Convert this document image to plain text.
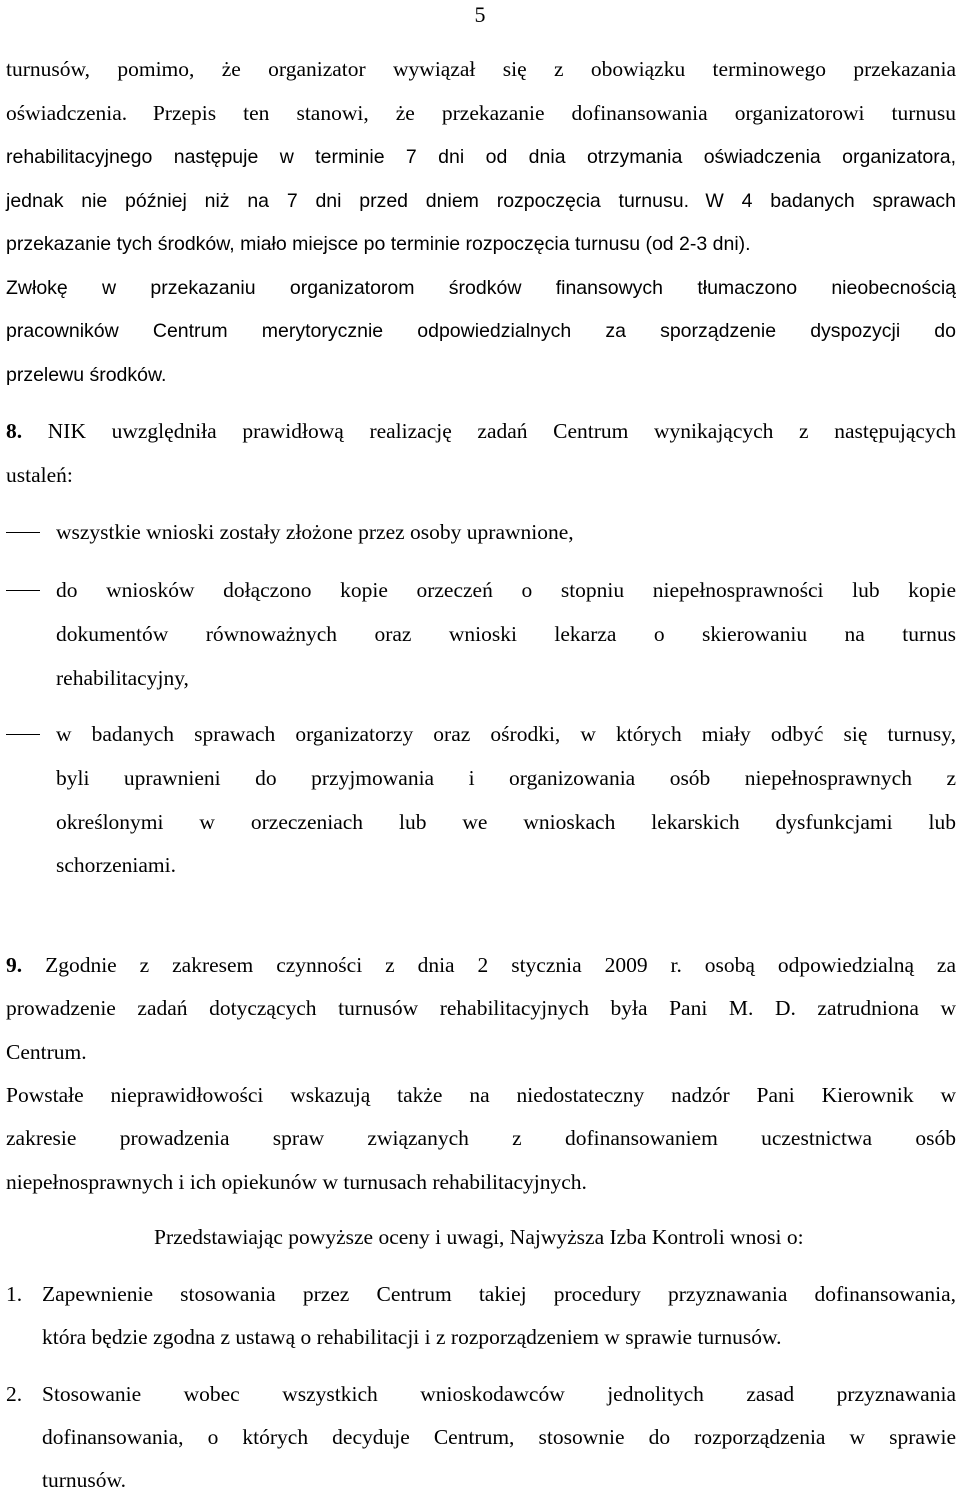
5

turnusów, pomimo, że organizator wywiązał się z obowiązku terminowego przekazania

oświadczenia. Przepis ten stanowi, że przekazanie dofinansowania organizatorowi turnusu

rehabilitacyjnego następuje w terminie 7 dni od dnia otrzymania oświadczenia organizatora,

jednak nie później niż na 7 dni przed dniem rozpoczęcia turnusu. W 4 badanych sprawach

przekazanie tych środków, miało miejsce po terminie rozpoczęcia turnusu (od 2-3 dni).

Zwłokę w przekazaniu organizatorom środków finansowych tłumaczono nieobecnością

pracowników Centrum merytorycznie odpowiedzialnych za sporządzenie dyspozycji do

przelewu środków.

8. NIK uwzględniła prawidłową realizację zadań Centrum wynikających z następujących

ustaleń:

wszystkie wnioski zostały złożone przez osoby uprawnione,

do wniosków dołączono kopie orzeczeń o stopniu niepełnosprawności lub kopie

dokumentów równoważnych oraz wnioski lekarza o skierowaniu na turnus

rehabilitacyjny,

w badanych sprawach organizatorzy oraz ośrodki, w których miały odbyć się turnusy,

byli uprawnieni do przyjmowania i organizowania osób niepełnosprawnych z

określonymi w orzeczeniach lub we wnioskach lekarskich dysfunkcjami lub

schorzeniami.

9. Zgodnie z zakresem czynności z dnia 2 stycznia 2009 r. osobą odpowiedzialną za

prowadzenie zadań dotyczących turnusów rehabilitacyjnych była Pani M. D. zatrudniona w

Centrum.

Powstałe nieprawidłowości wskazują także na niedostateczny nadzór Pani Kierownik w

zakresie prowadzenia spraw związanych z dofinansowaniem uczestnictwa osób

niepełnosprawnych i ich opiekunów w turnusach rehabilitacyjnych.

Przedstawiając powyższe oceny i uwagi, Najwyższa Izba Kontroli wnosi o:

1. Zapewnienie stosowania przez Centrum takiej procedury przyznawania dofinansowania,

która będzie zgodna z ustawą o rehabilitacji i z rozporządzeniem w sprawie turnusów.

2. Stosowanie wobec wszystkich wnioskodawców jednolitych zasad przyznawania

dofinansowania, o których decyduje Centrum, stosownie do rozporządzenia w sprawie

turnusów.
